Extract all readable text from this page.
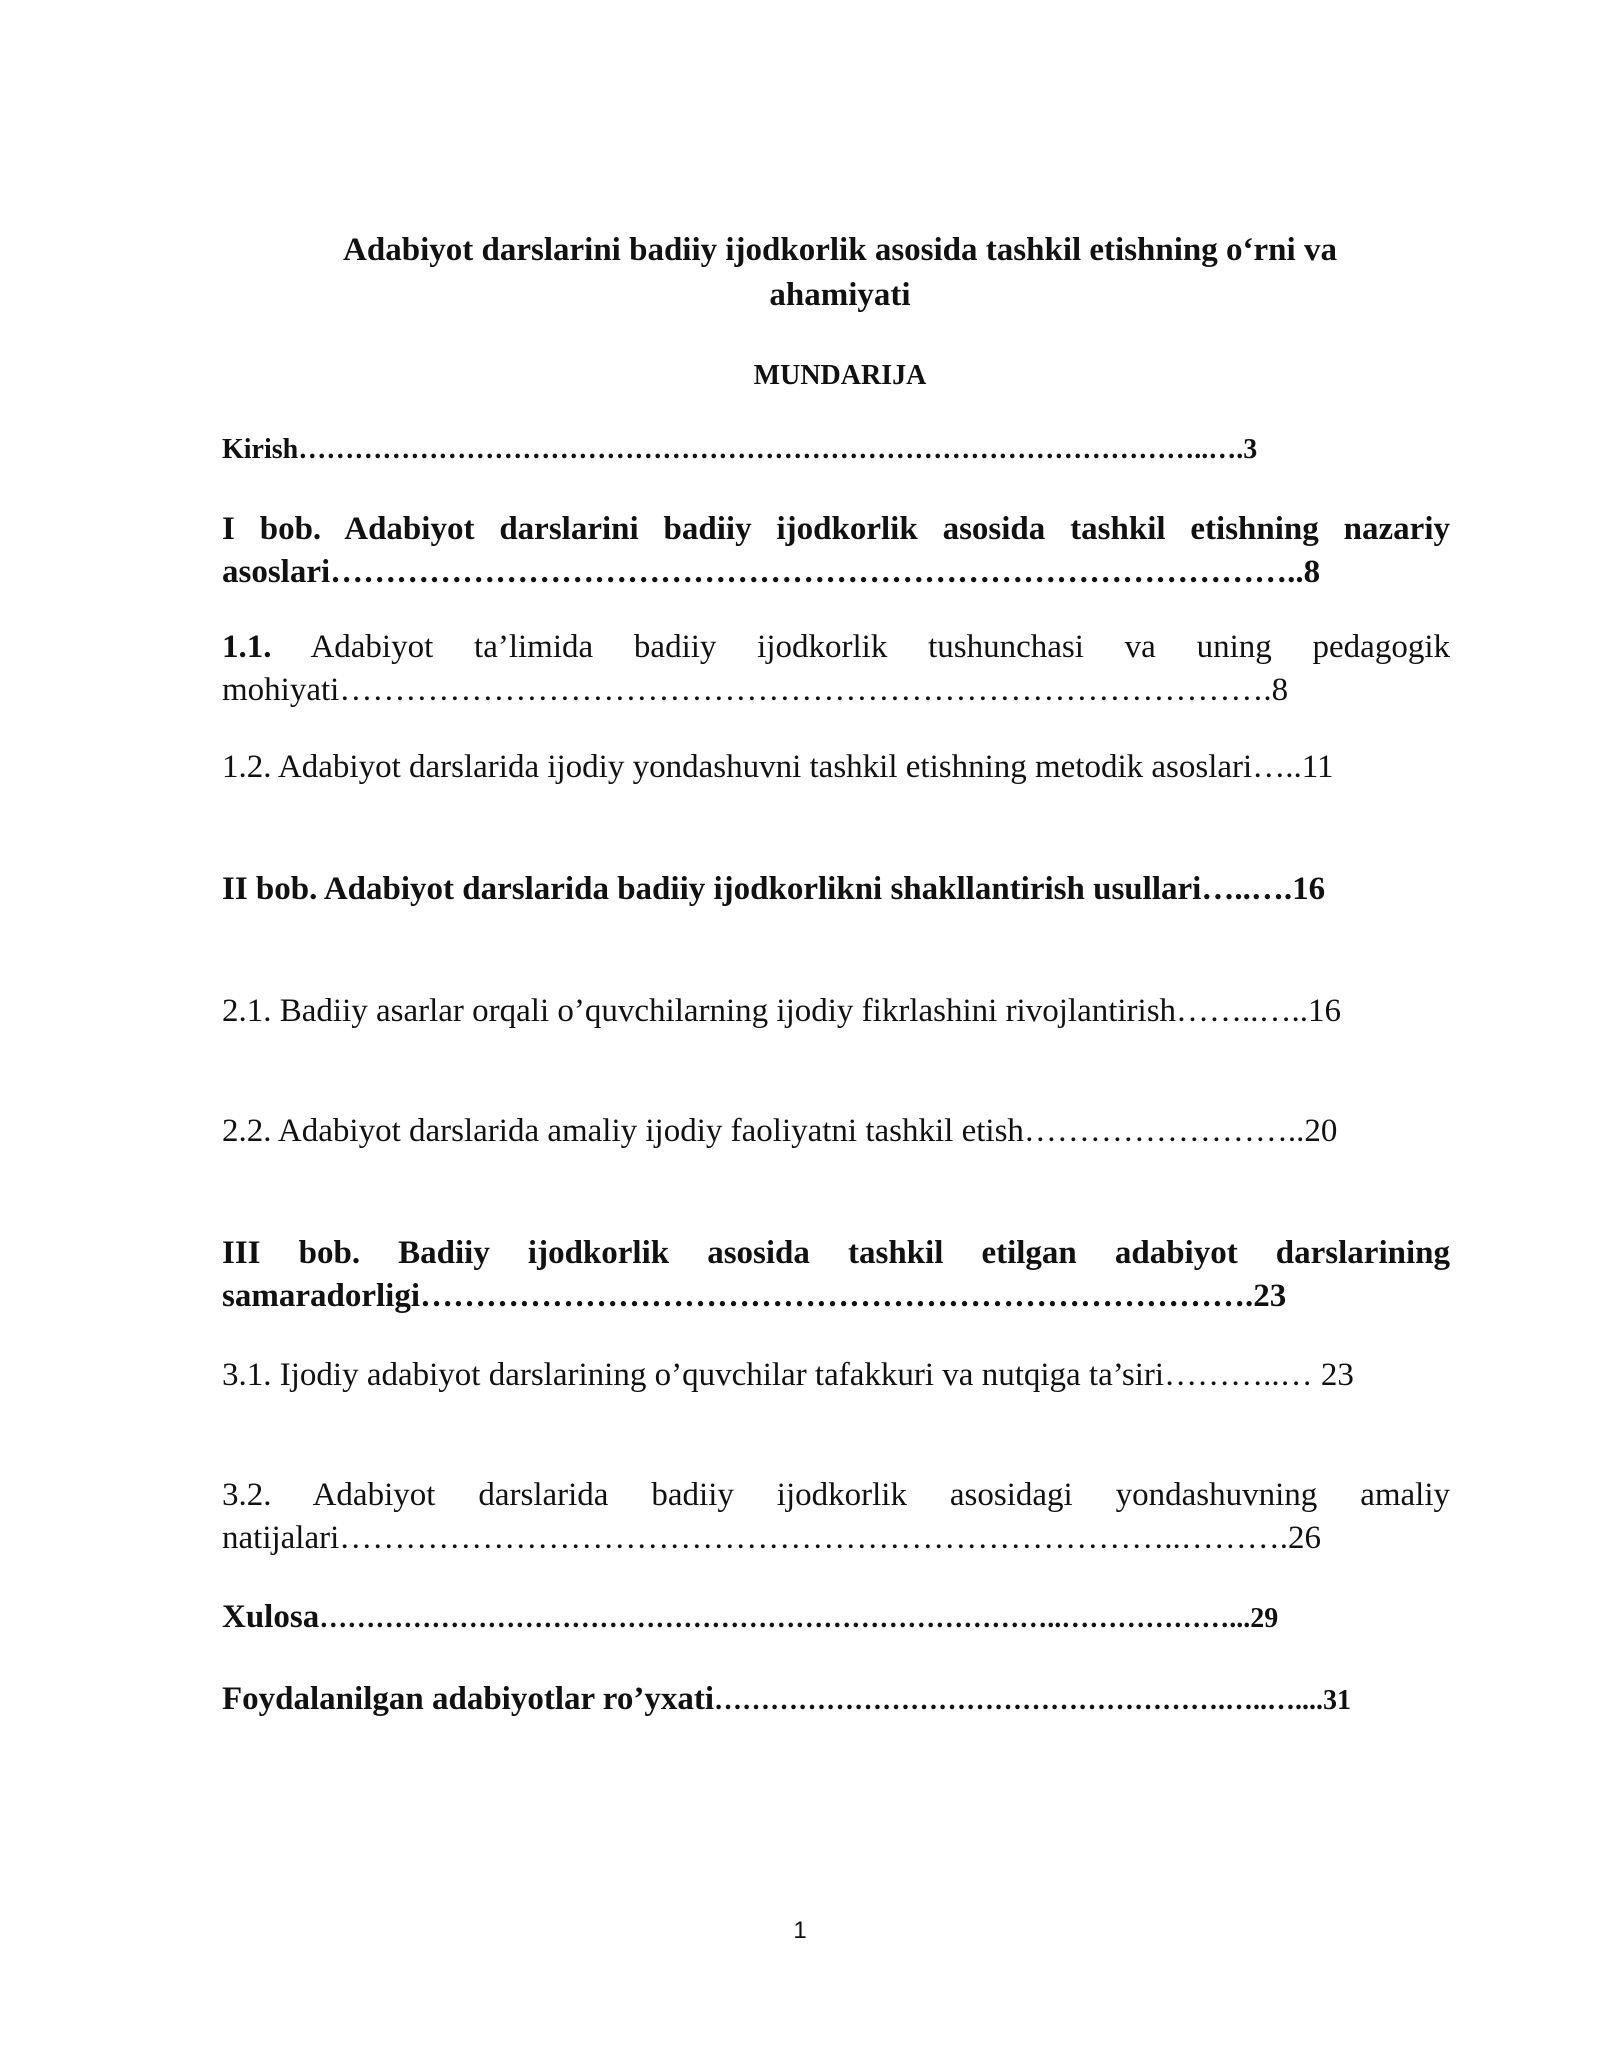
Adabiyot darslarini badiiy ijodkorlik asosida tashkil etishning o‘rni va ahamiyati
MUNDARIJA

Kirish……………………………………………………………………………………..….3

I bob. Adabiyot darslarini badiiy ijodkorlik asosida tashkil etishning nazariy asoslari……………………………………………………………………………..8

1.1. Adabiyot ta’limida badiiy ijodkorlik tushunchasi va uning pedagogik mohiyati………………………………………………………………………….8

1.2. Adabiyot darslarida ijodiy yondashuvni tashkil etishning metodik asoslari…..11

II bob. Adabiyot darslarida badiiy ijodkorlikni shakllantirish usullari…..….16

2.1. Badiiy asarlar orqali o’quvchilarning ijodiy fikrlashini rivojlantirish……..…..16

2.2. Adabiyot darslarida amaliy ijodiy faoliyatni tashkil etish……………………..20

III bob. Badiiy ijodkorlik asosida tashkil etilgan adabiyot darslarining samaradorligi………………………………………………………………….23

3.1. Ijodiy adabiyot darslarining o’quvchilar tafakkuri va nutqiga ta’siri………..… 23

3.2. Adabiyot darslarida badiiy ijodkorlik asosidagi yondashuvning amaliy natijalari…………………………………………………………………..……….26

Xulosa……………………………………………………………………..………………...29

Foydalanilgan adabiyotlar ro’yxati……………………………………………….…..…....31

1
